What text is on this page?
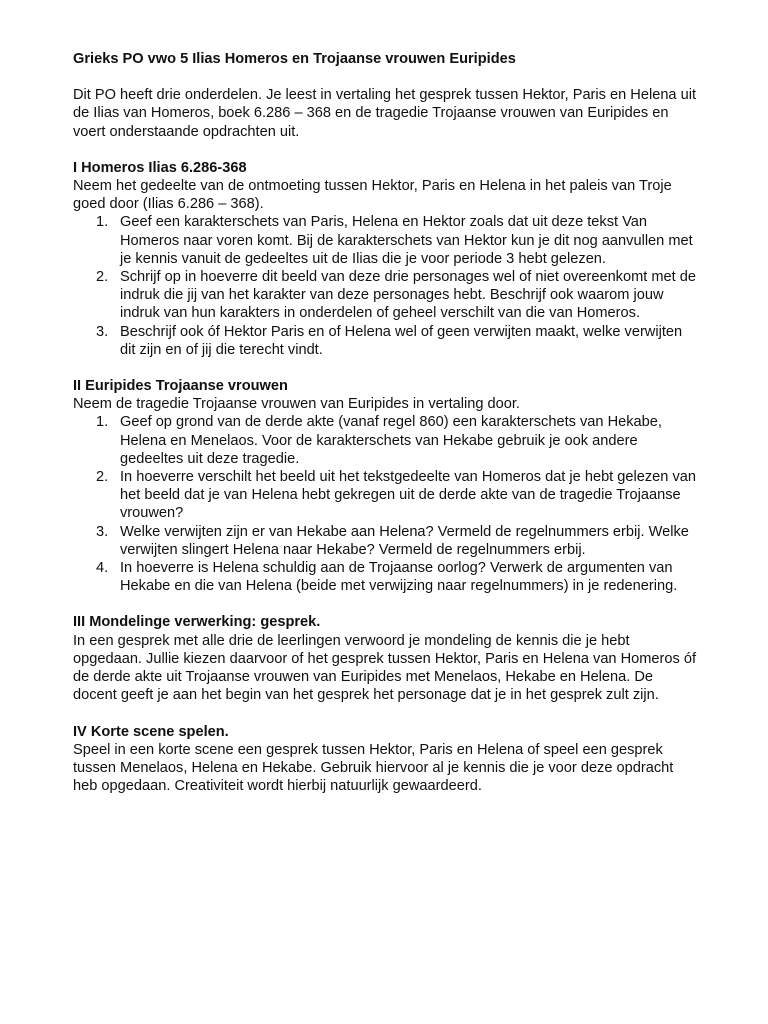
Grieks PO vwo 5 Ilias Homeros en Trojaanse vrouwen Euripides

Dit PO heeft drie onderdelen. Je leest in vertaling het gesprek tussen Hektor, Paris en Helena uit de Ilias van Homeros, boek 6.286 – 368 en de tragedie Trojaanse vrouwen van Euripides en voert onderstaande opdrachten uit.

I Homeros Ilias 6.286-368

Neem het gedeelte van de ontmoeting tussen Hektor, Paris en Helena in het paleis van Troje goed door (Ilias 6.286 – 368).

1. Geef een karakterschets van Paris, Helena en Hektor zoals dat uit deze tekst Van Homeros naar voren komt. Bij de karakterschets van Hektor kun je dit nog aanvullen met je kennis vanuit de gedeeltes uit de Ilias die je voor periode 3 hebt gelezen.
2. Schrijf op in hoeverre dit beeld van deze drie personages wel of niet overeenkomt met de indruk die jij van het karakter van deze personages hebt. Beschrijf ook waarom jouw indruk van hun karakters in onderdelen of geheel verschilt van die van Homeros.
3. Beschrijf ook óf Hektor Paris en of Helena wel of geen verwijten maakt, welke verwijten dit zijn en of jij die terecht vindt.

II Euripides Trojaanse vrouwen

Neem de tragedie Trojaanse vrouwen van Euripides in vertaling door.

1. Geef op grond van de derde akte (vanaf regel 860) een karakterschets van Hekabe, Helena en Menelaos. Voor de karakterschets van Hekabe gebruik je ook andere gedeeltes uit deze tragedie.
2. In hoeverre verschilt het beeld uit het tekstgedeelte van Homeros dat je hebt gelezen van het beeld dat je van Helena hebt gekregen uit de derde akte van de tragedie Trojaanse vrouwen?
3. Welke verwijten zijn er van Hekabe aan Helena? Vermeld de regelnummers erbij. Welke verwijten slingert Helena naar Hekabe? Vermeld de regelnummers erbij.
4. In hoeverre is Helena schuldig aan de Trojaanse oorlog? Verwerk de argumenten van Hekabe en die van Helena (beide met verwijzing naar regelnummers) in je redenering.

III Mondelinge verwerking: gesprek.

In een gesprek met alle drie de leerlingen verwoord je mondeling de kennis die je hebt opgedaan. Jullie kiezen daarvoor of het gesprek tussen Hektor, Paris en Helena van Homeros óf de derde akte uit Trojaanse vrouwen van Euripides met Menelaos, Hekabe en Helena. De docent geeft je aan het begin van het gesprek het personage dat je in het gesprek zult zijn.

IV Korte scene spelen.

Speel in een korte scene een gesprek tussen Hektor, Paris en Helena of speel een gesprek tussen Menelaos, Helena en Hekabe. Gebruik hiervoor al je kennis die je voor deze opdracht heb opgedaan. Creativiteit wordt hierbij natuurlijk gewaardeerd.
